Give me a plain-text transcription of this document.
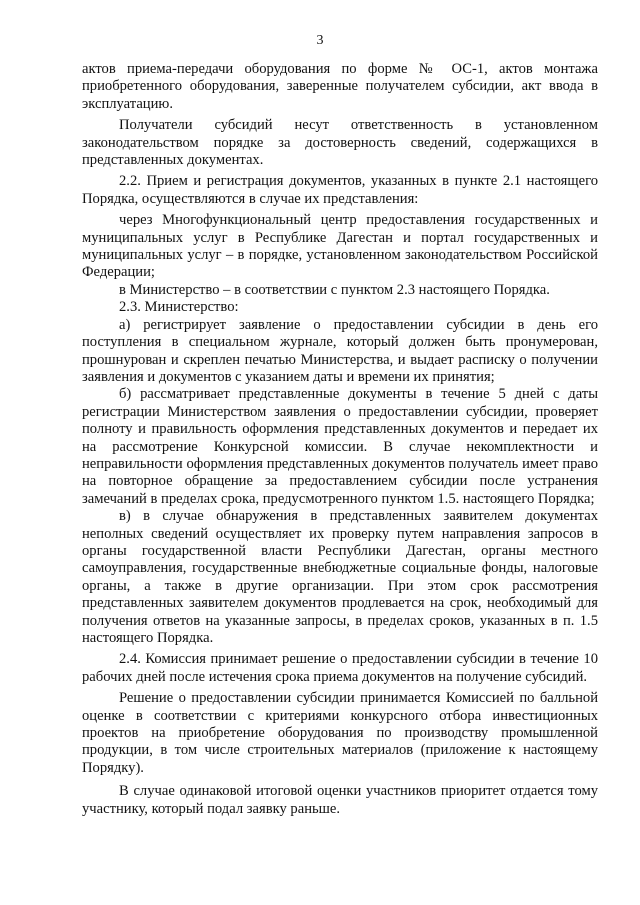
3

актов приема-передачи оборудования по форме № ОС-1, актов монтажа приобретенного оборудования, заверенные получателем субсидии, акт ввода в эксплуатацию.

Получатели субсидий несут ответственность в установленном законодательством порядке за достоверность сведений, содержащихся в представленных документах.

2.2. Прием и регистрация документов, указанных в пункте 2.1 настоящего Порядка, осуществляются в случае их представления:

через Многофункциональный центр предоставления государственных и муниципальных услуг в Республике Дагестан и портал государственных и муниципальных услуг – в порядке, установленном законодательством Российской Федерации;

в Министерство – в соответствии с пунктом 2.3 настоящего Порядка.

2.3. Министерство:

а) регистрирует заявление о предоставлении субсидии в день его поступления в специальном журнале, который должен быть пронумерован, прошнурован и скреплен печатью Министерства, и выдает расписку о получении заявления и документов с указанием даты и времени их принятия;

б) рассматривает представленные документы в течение 5 дней с даты регистрации Министерством заявления о предоставлении субсидии, проверяет полноту и правильность оформления представленных документов и передает их на рассмотрение Конкурсной комиссии. В случае некомплектности и неправильности оформления представленных документов получатель имеет право на повторное обращение за предоставлением субсидии после устранения замечаний в пределах срока, предусмотренного пунктом 1.5. настоящего Порядка;

в) в случае обнаружения в представленных заявителем документах неполных сведений осуществляет их проверку путем направления запросов в органы государственной власти Республики Дагестан, органы местного самоуправления, государственные внебюджетные социальные фонды, налоговые органы, а также в другие организации. При этом срок рассмотрения представленных заявителем документов продлевается на срок, необходимый для получения ответов на указанные запросы, в пределах сроков, указанных в п. 1.5 настоящего Порядка.

2.4. Комиссия принимает решение о предоставлении субсидии в течение 10 рабочих дней после истечения срока приема документов на получение субсидий.

Решение о предоставлении субсидии принимается Комиссией по балльной оценке в соответствии с критериями конкурсного отбора инвестиционных проектов на приобретение оборудования по производству промышленной продукции, в том числе строительных материалов (приложение к настоящему Порядку).

В случае одинаковой итоговой оценки участников приоритет отдается тому участнику, который подал заявку раньше.
